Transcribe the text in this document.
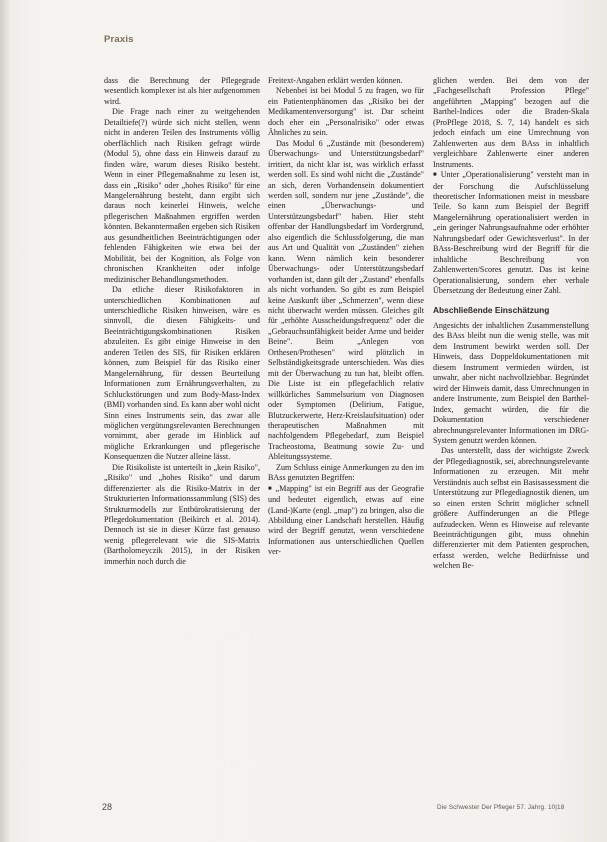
Praxis

dass die Berechnung der Pflegegrade wesentlich komplexer ist als hier aufgenommen wird.

Die Frage nach einer zu weitgehenden Detailtiefe(?) würde sich nicht stellen, wenn nicht in anderen Teilen des Instruments völlig oberflächlich nach Risiken gefragt würde (Modul 5), ohne dass ein Hinweis darauf zu finden wäre, warum dieses Risiko besteht. Wenn in einer Pflegemaßnahme zu lesen ist, dass ein „Risiko" oder „hohes Risiko" für eine Mangelernährung besteht, dann ergibt sich daraus noch keinerlei Hinweis, welche pflegerischen Maßnahmen ergriffen werden könnten. Bekanntermaßen ergeben sich Risiken aus gesundheitlichen Beeinträchtigungen oder fehlenden Fähigkeiten wie etwa bei der Mobilität, bei der Kognition, als Folge von chronischen Krankheiten oder infolge medizinischer Behandlungsmethoden.

Da etliche dieser Risikofaktoren in unterschiedlichen Kombinationen auf unterschiedliche Risiken hinweisen, wäre es sinnvoll, die diesen Fähigkeits- und Beeinträchtigungskombinationen Risiken abzuleiten. Es gibt einige Hinweise in den anderen Teilen des SIS, für Risiken erklären können, zum Beispiel für das Risiko einer Mangelernährung, für dessen Beurteilung Informationen zum Ernährungsverhalten, zu Schluckstörungen und zum Body-Mass-Index (BMI) vorhanden sind. Es kann aber wohl nicht Sinn eines Instruments sein, das zwar alle möglichen vergütungsrelevanten Berechnungen vornimmt, aber gerade im Hinblick auf mögliche Erkrankungen und pflegerische Konsequenzen die Nutzer alleine lässt.

Die Risikoliste ist unterteilt in „kein Risiko", „Risiko" und „hohes Risiko" und darum differenzierter als die Risiko-Matrix in der Strukturierten Informationssammlung (SIS) des Strukturmodells zur Entbürokratisierung der Pflegedokumentation (Beikirch et al. 2014). Dennoch ist sie in dieser Kürze fast genauso wenig pflegerelevant wie die SIS-Matrix (Bartholomeyczik 2015), in der Risiken immerhin noch durch die

Freitext-Angaben erklärt werden können.

Nebenbei ist bei Modul 5 zu fragen, wo für ein Patientenphänomen das „Risiko bei der Medikamentenversorgung" ist. Dar scheint doch eher ein „Personalrisiko" oder etwas Ähnliches zu sein.

Das Modul 6 „Zustände mit (besonderem) Überwachungs- und Unterstützungsbedarf" irritiert, da nicht klar ist, was wirklich erfasst werden soll. Es sind wohl nicht die „Zustände" an sich, deren Vorhandensein dokumentiert werden soll, sondern nur jene „Zustände", die einen „Überwachungs- und Unterstützungsbedarf" haben. Hier steht offenbar der Handlungsbedarf im Vordergrund, also eigentlich die Schlussfolgerung, die man aus Art und Qualität von „Zuständen" ziehen kann. Wenn nämlich kein besonderer Überwachungs- oder Unterstützungsbedarf vorhanden ist, dann gilt der „Zustand" ebenfalls als nicht vorhanden. So gibt es zum Beispiel keine Auskunft über „Schmerzen", wenn diese nicht überwacht werden müssen. Gleiches gilt für „erhöhte Ausscheidungsfrequenz" oder die „Gebrauchsunfähigkeit beider Arme und beider Beine". Beim „Anlegen von Orthesen/Prothesen" wird plötzlich in Selbständigkeitsgrade unterschieden. Was dies mit der Überwachung zu tun hat, bleibt offen. Die Liste ist ein pflegefachlich relativ willkürliches Sammelsurium von Diagnosen oder Symptomen (Delirium, Fatigue, Blutzuckerwerte, Herz-Kreislaufsituation) oder therapeutischen Maßnahmen mit nachfolgendem Pflegebedarf, zum Beispiel Tracheostoma, Beatmung sowie Zu- und Ableitungssysteme.

Zum Schluss einige Anmerkungen zu den im BAss genutzten Begriffen:

■ „Mapping" ist ein Begriff aus der Geografie und bedeutet eigentlich, etwas auf eine (Land-)Karte (engl. „map") zu bringen, also die Abbildung einer Landschaft herstellen. Häufig wird der Begriff genutzt, wenn verschiedene Informationen aus unterschiedlichen Quellen ver-

glichen werden. Bei dem von der „Fachgesellschaft Profession Pflege" angeführten „Mapping" bezogen auf die Barthel-Indices oder die Braden-Skala (ProPflege 2018, S. 7, 14) handelt es sich jedoch einfach um eine Umrechnung von Zahlenwerten aus dem BAss in inhaltlich vergleichbare Zahlenwerte einer anderen Instruments.

■ Unter „Operationalisierung" versteht man in der Forschung die Aufschlüsselung theoretischer Informationen meist in messbare Teile. So kann zum Beispiel der Begriff Mangelernährung operationalisiert werden in „ein geringer Nahrungsaufnahme oder erhöhter Nahrungsbedarf oder Gewichtsverlust". In der BAss-Beschreibung wird der Begriff für die inhaltliche Beschreibung von Zahlenwerten/Scores genutzt. Das ist keine Operationalisierung, sondern eher verbale Übersetzung der Bedeutung einer Zahl.

Abschließende Einschätzung

Angesichts der inhaltlichen Zusammenstellung des BAss bleibt nun die wenig stelle, was mit dem Instrument bewirkt werden soll. Der Hinweis, dass Doppeldokumentationen mit diesem Instrument vermieden würden, ist unwahr, aber nicht nachvollziehbar. Begründet wird der Hinweis damit, dass Umrechnungen in andere Instrumente, zum Beispiel den Barthel-Index, gemacht würden, die für die Dokumentation verschiedener abrechnungsrelevanter Informationen im DRG-System genutzt werden können.

Das unterstellt, dass der wichtigste Zweck der Pflegediagnostik, sei, abrechnungsrelevante Informationen zu erzeugen. Mit mehr Verständnis auch selbst ein Basisassessment die Unterstützung zur Pflegediagnostik dienen, um so einen ersten Schritt möglicher schnell größere Auffinderungen an die Pflege aufzudecken. Wenn es Hinweise auf relevante Beeinträchtigungen gibt, muss ohnehin differenzierter mit dem Patienten gesprochen, erfasst werden, welche Bedürfnisse und welchen Be-

28	Die Schwester Der Pfleger 57. Jahrg. 10|18
